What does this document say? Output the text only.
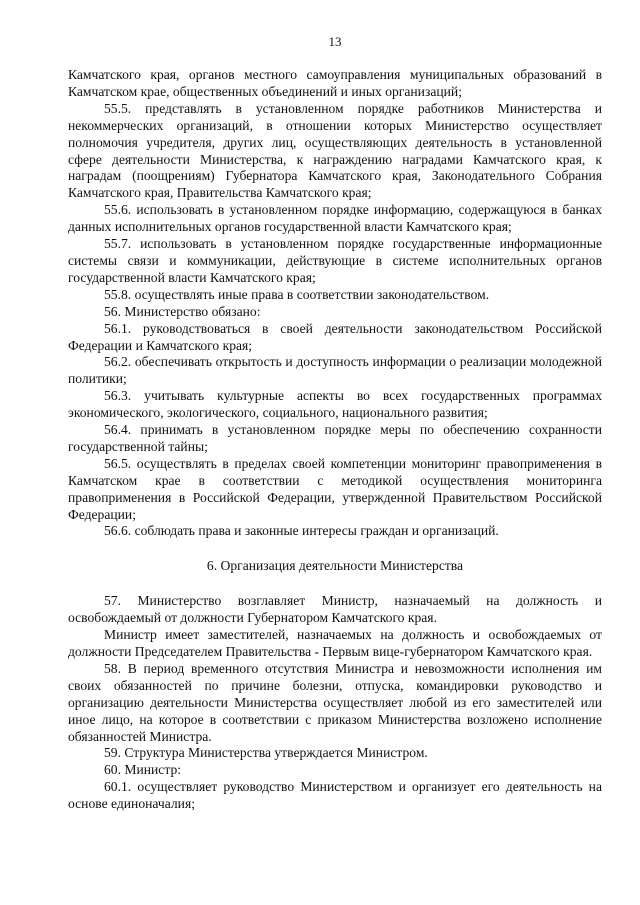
13

Камчатского края, органов местного самоуправления муниципальных образований в Камчатском крае, общественных объединений и иных организаций;

55.5. представлять в установленном порядке работников Министерства и некоммерческих организаций, в отношении которых Министерство осуществляет полномочия учредителя, других лиц, осуществляющих деятельность в установленной сфере деятельности Министерства, к награждению наградами Камчатского края, к наградам (поощрениям) Губернатора Камчатского края, Законодательного Собрания Камчатского края, Правительства Камчатского края;

55.6. использовать в установленном порядке информацию, содержащуюся в банках данных исполнительных органов государственной власти Камчатского края;

55.7. использовать в установленном порядке государственные информационные системы связи и коммуникации, действующие в системе исполнительных органов государственной власти Камчатского края;

55.8. осуществлять иные права в соответствии законодательством.

56. Министерство обязано:

56.1. руководствоваться в своей деятельности законодательством Российской Федерации и Камчатского края;

56.2. обеспечивать открытость и доступность информации о реализации молодежной политики;

56.3. учитывать культурные аспекты во всех государственных программах экономического, экологического, социального, национального развития;

56.4. принимать в установленном порядке меры по обеспечению сохранности государственной тайны;

56.5. осуществлять в пределах своей компетенции мониторинг правоприменения в Камчатском крае в соответствии с методикой осуществления мониторинга правоприменения в Российской Федерации, утвержденной Правительством Российской Федерации;

56.6. соблюдать права и законные интересы граждан и организаций.

6. Организация деятельности Министерства

57. Министерство возглавляет Министр, назначаемый на должность и освобождаемый от должности Губернатором Камчатского края.

Министр имеет заместителей, назначаемых на должность и освобождаемых от должности Председателем Правительства - Первым вице-губернатором Камчатского края.

58. В период временного отсутствия Министра и невозможности исполнения им своих обязанностей по причине болезни, отпуска, командировки руководство и организацию деятельности Министерства осуществляет любой из его заместителей или иное лицо, на которое в соответствии с приказом Министерства возложено исполнение обязанностей Министра.

59. Структура Министерства утверждается Министром.

60. Министр:

60.1. осуществляет руководство Министерством и организует его деятельность на основе единоначалия;
